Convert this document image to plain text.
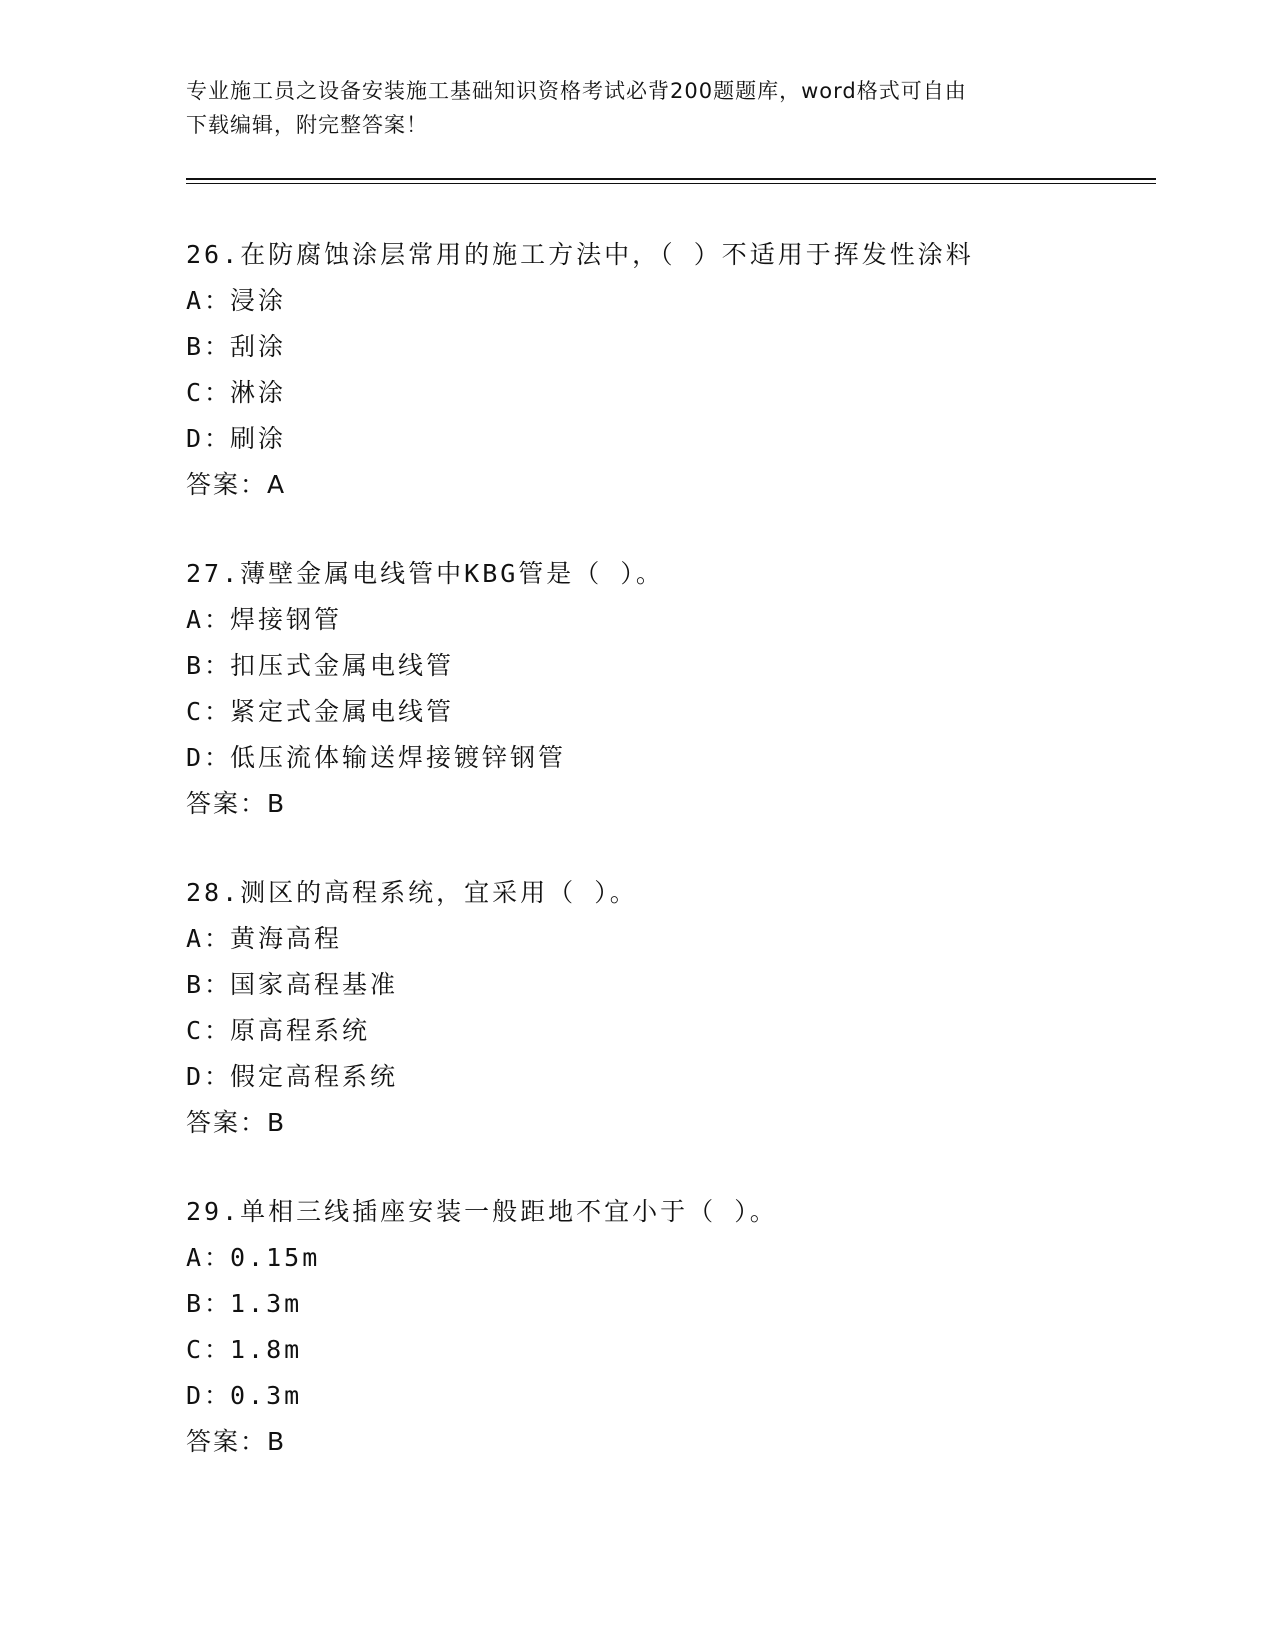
专业施工员之设备安装施工基础知识资格考试必背200题题库，word格式可自由
下载编辑，附完整答案！
26.在防腐蚀涂层常用的施工方法中，（ ）不适用于挥发性涂料
A：浸涂
B：刮涂
C：淋涂
D：刷涂
答案：A
27.薄壁金属电线管中KBG管是（ ）。
A：焊接钢管
B：扣压式金属电线管
C：紧定式金属电线管
D：低压流体输送焊接镀锌钢管
答案：B
28.测区的高程系统，宜采用（ ）。
A：黄海高程
B：国家高程基准
C：原高程系统
D：假定高程系统
答案：B
29.单相三线插座安装一般距地不宜小于（ ）。
A：0.15m
B：1.3m
C：1.8m
D：0.3m
答案：B
